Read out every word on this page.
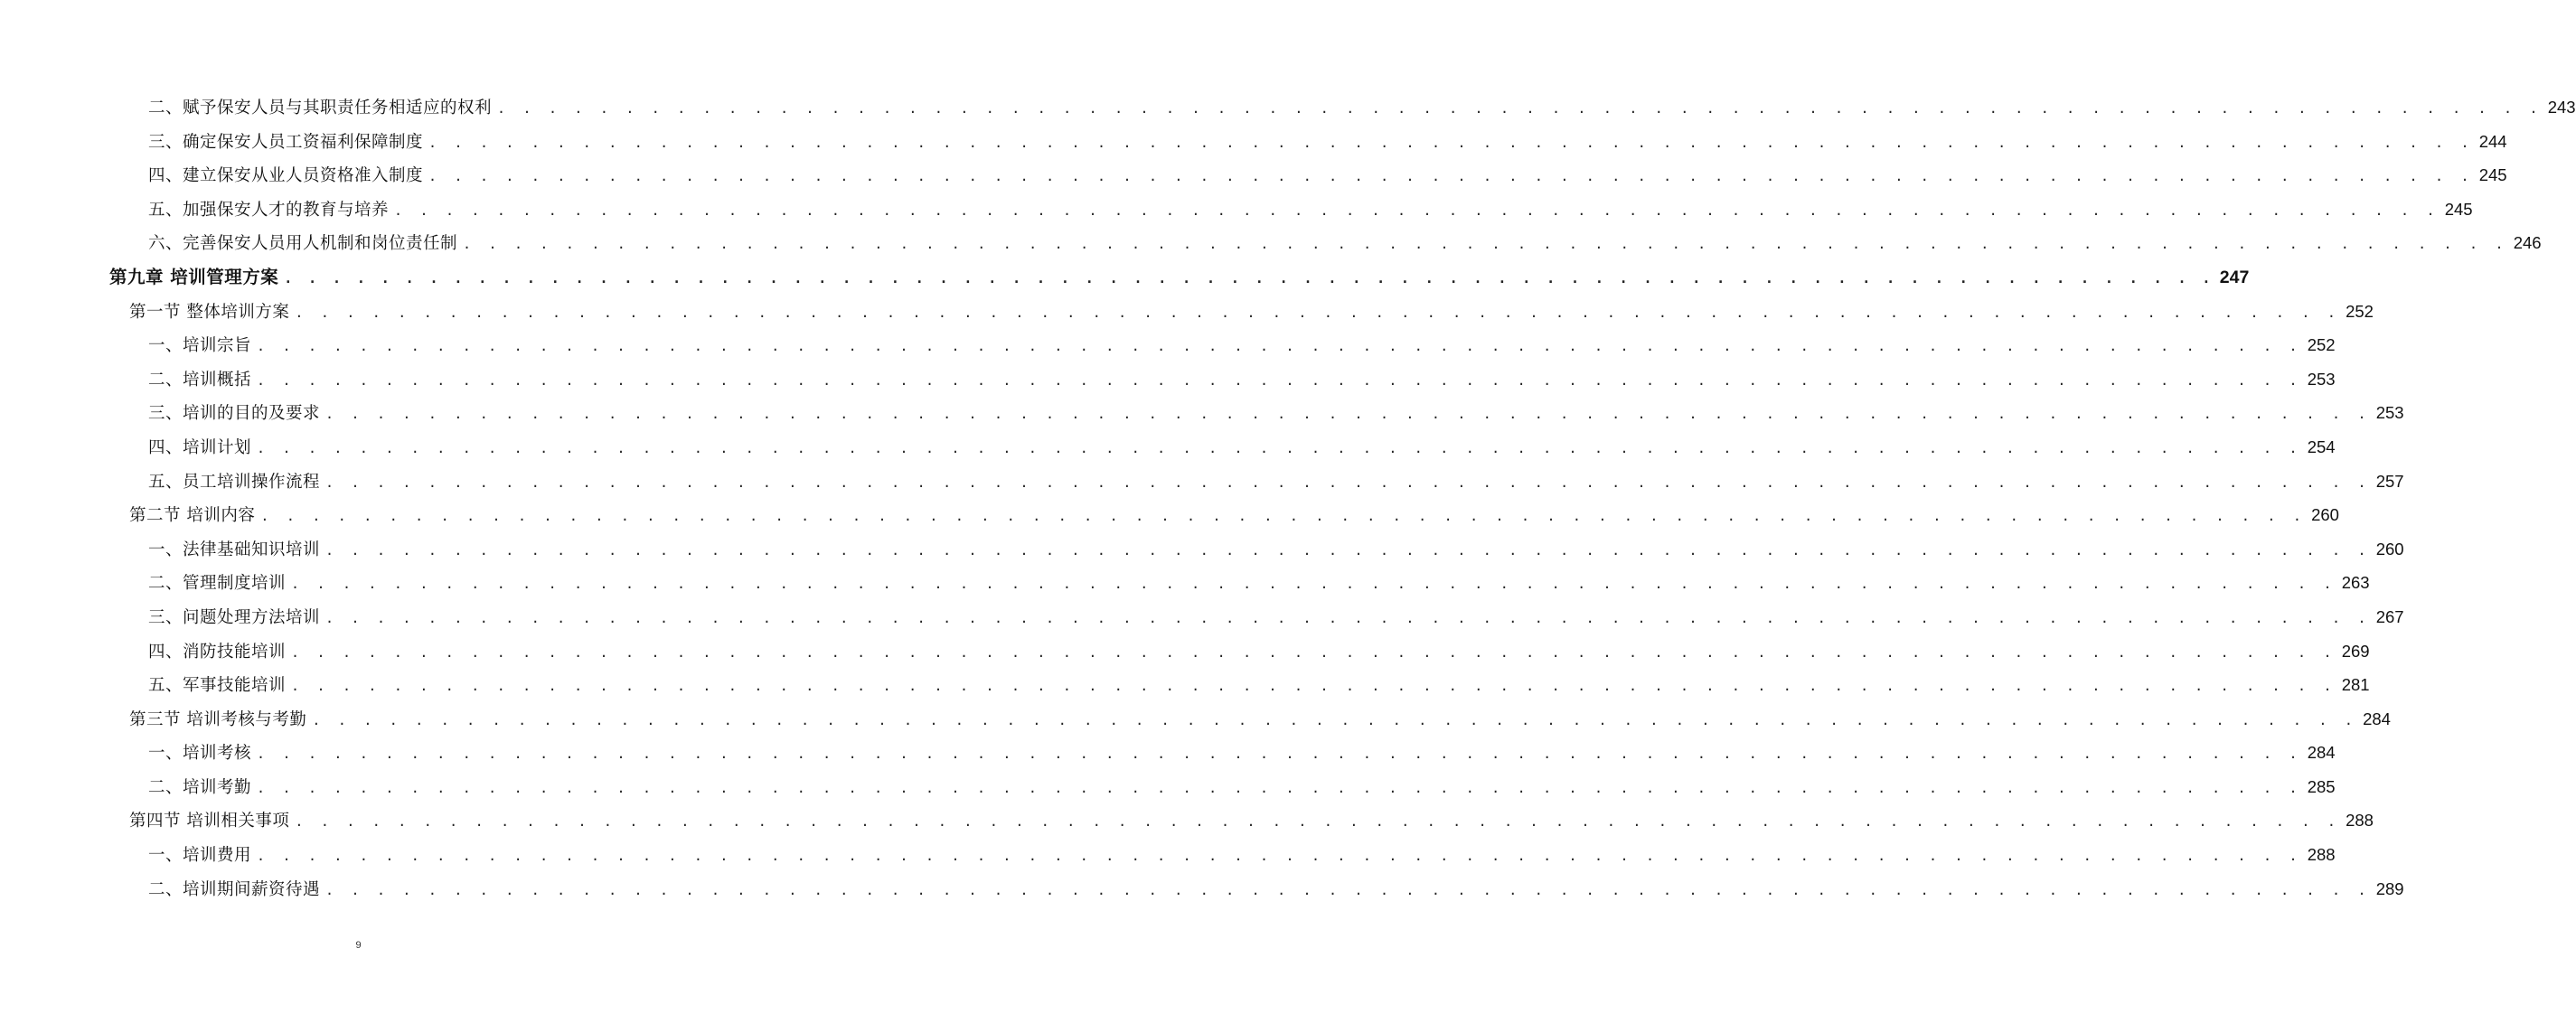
二、赋予保安人员与其职责任务相适应的权利 . . . . . . . . . . . . . . . . . . . . . . . . . . . . . . . . . . . . . . . . . . . . . . . . . . . . . . . . . . . . . . . . . . . . . . . . . . . . . . . . 243
三、确定保安人员工资福利保障制度 . . . . . . . . . . . . . . . . . . . . . . . . . . . . . . . . . . . . . . . . . . . . . . . . . . . . . . . . . . . . . . . . . . . . . . . . . . . . . . . . 244
四、建立保安从业人员资格准入制度 . . . . . . . . . . . . . . . . . . . . . . . . . . . . . . . . . . . . . . . . . . . . . . . . . . . . . . . . . . . . . . . . . . . . . . . . . . . . . . . . 245
五、加强保安人才的教育与培养 . . . . . . . . . . . . . . . . . . . . . . . . . . . . . . . . . . . . . . . . . . . . . . . . . . . . . . . . . . . . . . . . . . . . . . . . . . . . . . . . 245
六、完善保安人员用人机制和岗位责任制 . . . . . . . . . . . . . . . . . . . . . . . . . . . . . . . . . . . . . . . . . . . . . . . . . . . . . . . . . . . . . . . . . . . . . . . . . . . . . . . . 246
第九章 培训管理方案 . . . . . . . . . . . . . . . . . . . . . . . . . . . . . . . . . . . . . . . . . . . . . . . . . . . . . . . . . . . . . . . . . . . . . . . . . . . . . . . . 247
第一节 整体培训方案 . . . . . . . . . . . . . . . . . . . . . . . . . . . . . . . . . . . . . . . . . . . . . . . . . . . . . . . . . . . . . . . . . . . . . . . . . . . . . . . . 252
一、培训宗旨 . . . . . . . . . . . . . . . . . . . . . . . . . . . . . . . . . . . . . . . . . . . . . . . . . . . . . . . . . . . . . . . . . . . . . . . . . . . . . . . . 252
二、培训概括 . . . . . . . . . . . . . . . . . . . . . . . . . . . . . . . . . . . . . . . . . . . . . . . . . . . . . . . . . . . . . . . . . . . . . . . . . . . . . . . . 253
三、培训的目的及要求 . . . . . . . . . . . . . . . . . . . . . . . . . . . . . . . . . . . . . . . . . . . . . . . . . . . . . . . . . . . . . . . . . . . . . . . . . . . . . . . . 253
四、培训计划 . . . . . . . . . . . . . . . . . . . . . . . . . . . . . . . . . . . . . . . . . . . . . . . . . . . . . . . . . . . . . . . . . . . . . . . . . . . . . . . . 254
五、员工培训操作流程 . . . . . . . . . . . . . . . . . . . . . . . . . . . . . . . . . . . . . . . . . . . . . . . . . . . . . . . . . . . . . . . . . . . . . . . . . . . . . . . . 257
第二节 培训内容 . . . . . . . . . . . . . . . . . . . . . . . . . . . . . . . . . . . . . . . . . . . . . . . . . . . . . . . . . . . . . . . . . . . . . . . . . . . . . . . . 260
一、法律基础知识培训 . . . . . . . . . . . . . . . . . . . . . . . . . . . . . . . . . . . . . . . . . . . . . . . . . . . . . . . . . . . . . . . . . . . . . . . . . . . . . . . . 260
二、管理制度培训 . . . . . . . . . . . . . . . . . . . . . . . . . . . . . . . . . . . . . . . . . . . . . . . . . . . . . . . . . . . . . . . . . . . . . . . . . . . . . . . . 263
三、问题处理方法培训 . . . . . . . . . . . . . . . . . . . . . . . . . . . . . . . . . . . . . . . . . . . . . . . . . . . . . . . . . . . . . . . . . . . . . . . . . . . . . . . . 267
四、消防技能培训 . . . . . . . . . . . . . . . . . . . . . . . . . . . . . . . . . . . . . . . . . . . . . . . . . . . . . . . . . . . . . . . . . . . . . . . . . . . . . . . . 269
五、军事技能培训 . . . . . . . . . . . . . . . . . . . . . . . . . . . . . . . . . . . . . . . . . . . . . . . . . . . . . . . . . . . . . . . . . . . . . . . . . . . . . . . . 281
第三节 培训考核与考勤 . . . . . . . . . . . . . . . . . . . . . . . . . . . . . . . . . . . . . . . . . . . . . . . . . . . . . . . . . . . . . . . . . . . . . . . . . . . . . . . . 284
一、培训考核 . . . . . . . . . . . . . . . . . . . . . . . . . . . . . . . . . . . . . . . . . . . . . . . . . . . . . . . . . . . . . . . . . . . . . . . . . . . . . . . . 284
二、培训考勤 . . . . . . . . . . . . . . . . . . . . . . . . . . . . . . . . . . . . . . . . . . . . . . . . . . . . . . . . . . . . . . . . . . . . . . . . . . . . . . . . 285
第四节 培训相关事项 . . . . . . . . . . . . . . . . . . . . . . . . . . . . . . . . . . . . . . . . . . . . . . . . . . . . . . . . . . . . . . . . . . . . . . . . . . . . . . . . 288
一、培训费用 . . . . . . . . . . . . . . . . . . . . . . . . . . . . . . . . . . . . . . . . . . . . . . . . . . . . . . . . . . . . . . . . . . . . . . . . . . . . . . . . 288
二、培训期间薪资待遇 . . . . . . . . . . . . . . . . . . . . . . . . . . . . . . . . . . . . . . . . . . . . . . . . . . . . . . . . . . . . . . . . . . . . . . . . . . . . . . . . 289
9
